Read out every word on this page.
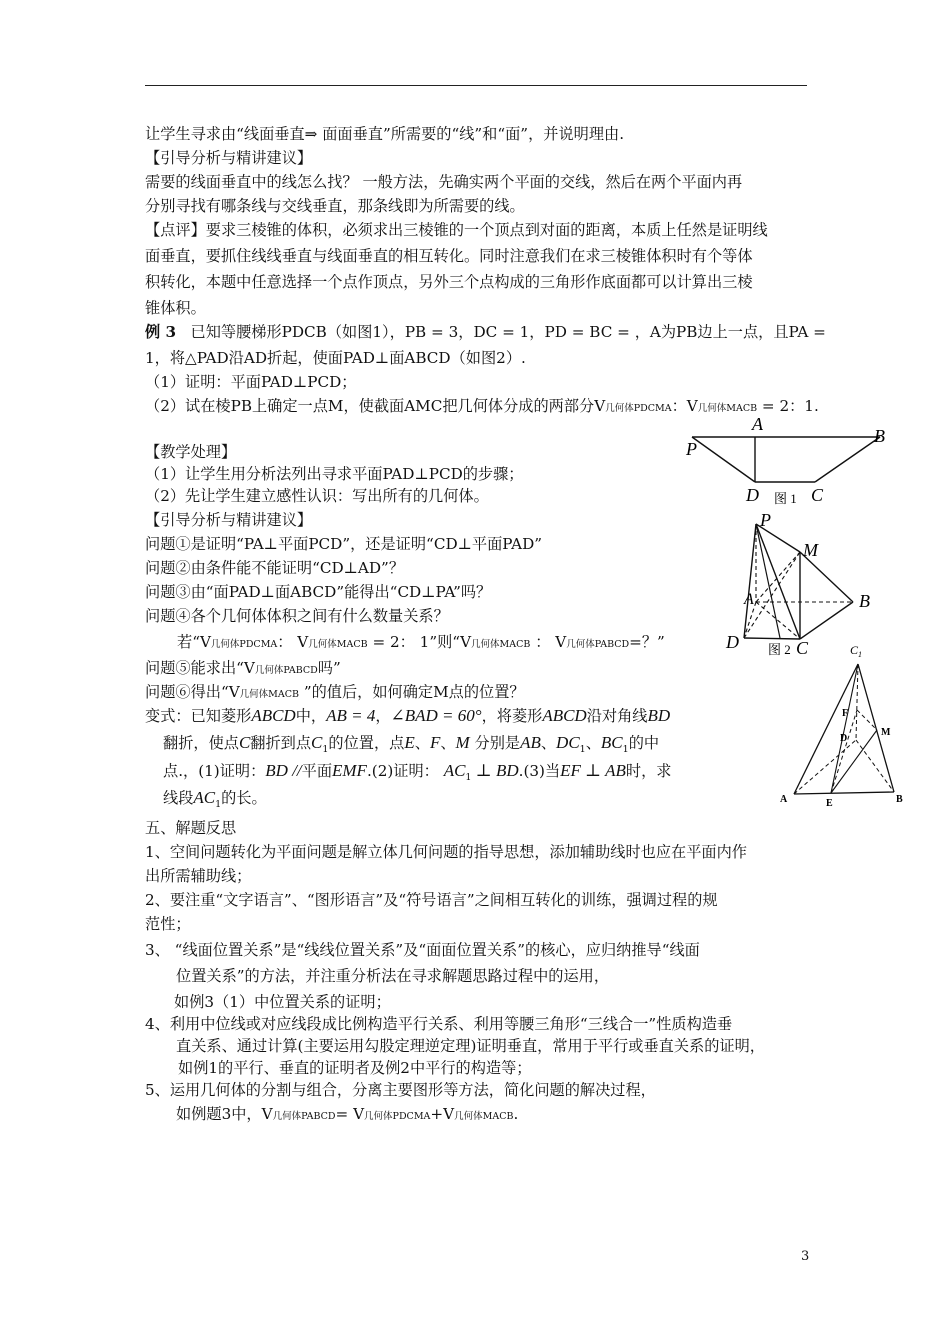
让学生寻求由“线面垂直⇒ 面面垂直”所需要的“线”和“面”，并说明理由.
【引导分析与精讲建议】
需要的线面垂直中的线怎么找？ 一般方法，先确实两个平面的交线，然后在两个平面内再
分别寻找有哪条线与交线垂直，那条线即为所需要的线。
【点评】要求三棱锥的体积，必须求出三棱锥的一个顶点到对面的距离，本质上任然是证明线
面垂直，要抓住线线垂直与线面垂直的相互转化。同时注意我们在求三棱锥体积时有个等体
积转化，本题中任意选择一个点作顶点，另外三个点构成的三角形作底面都可以计算出三棱
锥体积。
例 3 已知等腰梯形PDCB（如图1），PB = 3，DC = 1，PD = BC = ，A为PB边上一点，且PA =
1，将△PAD沿AD折起，使面PAD⊥面ABCD（如图2）.
（1）证明：平面PAD⊥PCD；
（2）试在棱PB上确定一点M，使截面AMC把几何体分成的两部分V几何体PDCMA：V几何体MACB = 2：1.
【教学处理】
（1）让学生用分析法列出寻求平面PAD⊥PCD的步骤；
（2）先让学生建立感性认识：写出所有的几何体。
【引导分析与精讲建议】
问题①是证明“PA⊥平面PCD”，还是证明“CD⊥平面PAD”
问题②由条件能不能证明“CD⊥AD”？
问题③由“面PAD⊥面ABCD”能得出“CD⊥PA”吗？
问题④各个几何体体积之间有什么数量关系？
若“V几何体PDCMA： V几何体MACB = 2： 1”则“V几何体MACB ： V几何体PABCD=？”
问题⑤能求出“V几何体PABCD吗”
问题⑥得出“V几何体MACB ”的值后，如何确定M点的位置？
变式：已知菱形ABCD中，AB = 4，∠BAD = 60°，将菱形ABCD沿对角线BD
翻折，使点C翻折到点$C_1$的位置，点E、F、M 分别是AB、$DC_1$、$BC_1$的中
点.，(1)证明：BD //平面EMF.(2)证明： $AC_1$ ⊥ BD.(3)当EF ⊥ AB时，求
线段$AC_1$的长。
五、解题反思
1、空间问题转化为平面问题是解立体几何问题的指导思想，添加辅助线时也应在平面内作
出所需辅助线；
2、要注重“文字语言”、“图形语言”及“符号语言”之间相互转化的训练，强调过程的规
范性；
3、 “线面位置关系”是“线线位置关系”及“面面位置关系”的核心，应归纳推导“线面
位置关系”的方法，并注重分析法在寻求解题思路过程中的运用，
如例3（1）中位置关系的证明；
4、利用中位线或对应线段成比例构造平行关系、利用等腰三角形“三线合一”性质构造垂
直关系、通过计算(主要运用勾股定理逆定理)证明垂直，常用于平行或垂直关系的证明，
如例1的平行、垂直的证明者及例2中平行的构造等；
5、运用几何体的分割与组合，分离主要图形等方法，简化问题的解决过程，
如例题3中，V几何体PABCD= V几何体PDCMA+V几何体MACB.
A
P
B
D 图 1 C
P
M
A	B
D 图 2 C	$C_1$
F
D
M
A	E	B
3
